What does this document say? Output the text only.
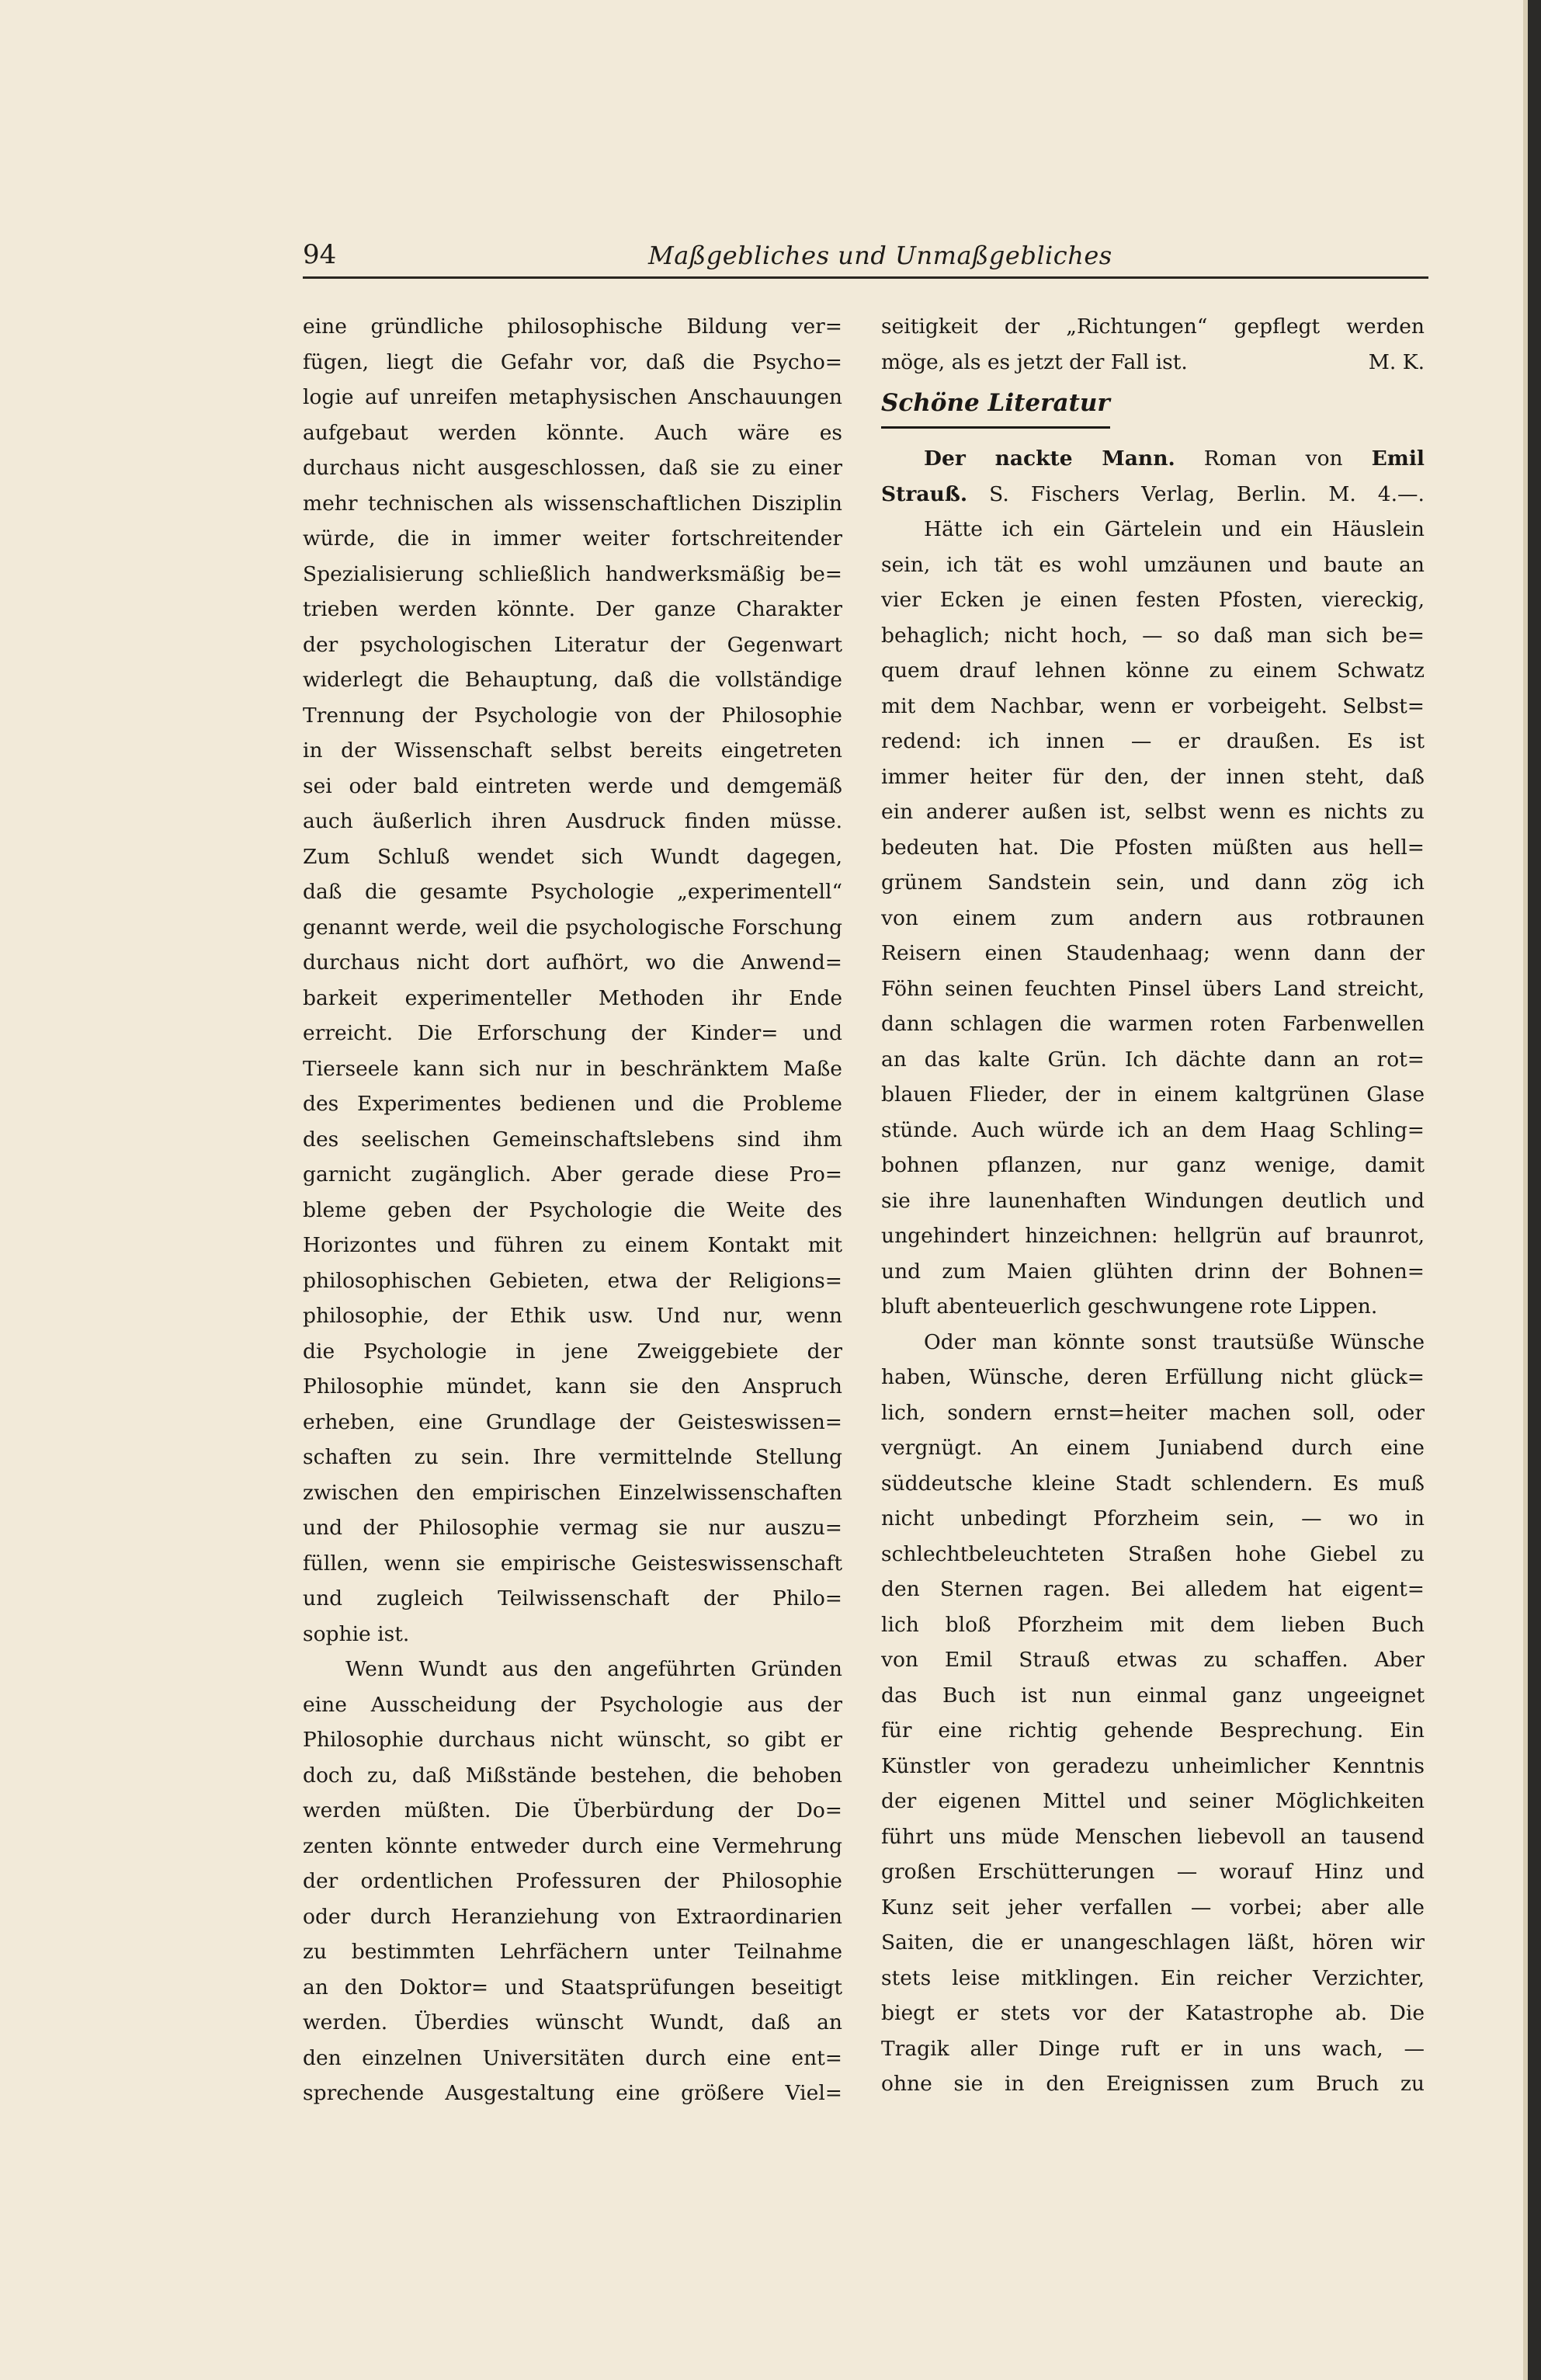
94	Maßgebliches und Unmaßgebliches
eine gründliche philosophische Bildung ver=
fügen, liegt die Gefahr vor, daß die Psycho=
logie auf unreifen metaphysischen Anschauungen
aufgebaut werden könnte. Auch wäre es
durchaus nicht ausgeschlossen, daß sie zu einer
mehr technischen als wissenschaftlichen Disziplin
würde, die in immer weiter fortschreitender
Spezialisierung schließlich handwerksmäßig be=
trieben werden könnte. Der ganze Charakter
der psychologischen Literatur der Gegenwart
widerlegt die Behauptung, daß die vollständige
Trennung der Psychologie von der Philosophie
in der Wissenschaft selbst bereits eingetreten
sei oder bald eintreten werde und demgemäß
auch äußerlich ihren Ausdruck finden müsse.
Zum Schluß wendet sich Wundt dagegen,
daß die gesamte Psychologie „experimentell“
genannt werde, weil die psychologische Forschung
durchaus nicht dort aufhört, wo die Anwend=
barkeit experimenteller Methoden ihr Ende
erreicht. Die Erforschung der Kinder= und
Tierseele kann sich nur in beschränktem Maße
des Experimentes bedienen und die Probleme
des seelischen Gemeinschaftslebens sind ihm
garnicht zugänglich. Aber gerade diese Pro=
bleme geben der Psychologie die Weite des
Horizontes und führen zu einem Kontakt mit
philosophischen Gebieten, etwa der Religions=
philosophie, der Ethik usw. Und nur, wenn
die Psychologie in jene Zweiggebiete der
Philosophie mündet, kann sie den Anspruch
erheben, eine Grundlage der Geisteswissen=
schaften zu sein. Ihre vermittelnde Stellung
zwischen den empirischen Einzelwissenschaften
und der Philosophie vermag sie nur auszu=
füllen, wenn sie empirische Geisteswissenschaft
und zugleich Teilwissenschaft der Philo=
sophie ist.
Wenn Wundt aus den angeführten Gründen
eine Ausscheidung der Psychologie aus der
Philosophie durchaus nicht wünscht, so gibt er
doch zu, daß Mißstände bestehen, die behoben
werden müßten. Die Überbürdung der Do=
zenten könnte entweder durch eine Vermehrung
der ordentlichen Professuren der Philosophie
oder durch Heranziehung von Extraordinarien
zu bestimmten Lehrfächern unter Teilnahme
an den Doktor= und Staatsprüfungen beseitigt
werden. Überdies wünscht Wundt, daß an
den einzelnen Universitäten durch eine ent=
sprechende Ausgestaltung eine größere Viel=
seitigkeit der „Richtungen“ gepflegt werden
möge, als es jetzt der Fall ist.	M. K.
Schöne Literatur
Der nackte Mann. Roman von Emil
Strauß. S. Fischers Verlag, Berlin. M. 4.—.
Hätte ich ein Gärtelein und ein Häuslein
sein, ich tät es wohl umzäunen und baute an
vier Ecken je einen festen Pfosten, viereckig,
behaglich; nicht hoch, — so daß man sich be=
quem drauf lehnen könne zu einem Schwatz
mit dem Nachbar, wenn er vorbeigeht. Selbst=
redend: ich innen — er draußen. Es ist
immer heiter für den, der innen steht, daß
ein anderer außen ist, selbst wenn es nichts zu
bedeuten hat. Die Pfosten müßten aus hell=
grünem Sandstein sein, und dann zög ich
von einem zum andern aus rotbraunen
Reisern einen Staudenhaag; wenn dann der
Föhn seinen feuchten Pinsel übers Land streicht,
dann schlagen die warmen roten Farbenwellen
an das kalte Grün. Ich dächte dann an rot=
blauen Flieder, der in einem kaltgrünen Glase
stünde. Auch würde ich an dem Haag Schling=
bohnen pflanzen, nur ganz wenige, damit
sie ihre launenhaften Windungen deutlich und
ungehindert hinzeichnen: hellgrün auf braunrot,
und zum Maien glühten drinn der Bohnen=
bluft abenteuerlich geschwungene rote Lippen.
Oder man könnte sonst trautsüße Wünsche
haben, Wünsche, deren Erfüllung nicht glück=
lich, sondern ernst=heiter machen soll, oder
vergnügt. An einem Juniabend durch eine
süddeutsche kleine Stadt schlendern. Es muß
nicht unbedingt Pforzheim sein, — wo in
schlechtbeleuchteten Straßen hohe Giebel zu
den Sternen ragen. Bei alledem hat eigent=
lich bloß Pforzheim mit dem lieben Buch
von Emil Strauß etwas zu schaffen. Aber
das Buch ist nun einmal ganz ungeeignet
für eine richtig gehende Besprechung. Ein
Künstler von geradezu unheimlicher Kenntnis
der eigenen Mittel und seiner Möglichkeiten
führt uns müde Menschen liebevoll an tausend
großen Erschütterungen — worauf Hinz und
Kunz seit jeher verfallen — vorbei; aber alle
Saiten, die er unangeschlagen läßt, hören wir
stets leise mitklingen. Ein reicher Verzichter,
biegt er stets vor der Katastrophe ab. Die
Tragik aller Dinge ruft er in uns wach, —
ohne sie in den Ereignissen zum Bruch zu
